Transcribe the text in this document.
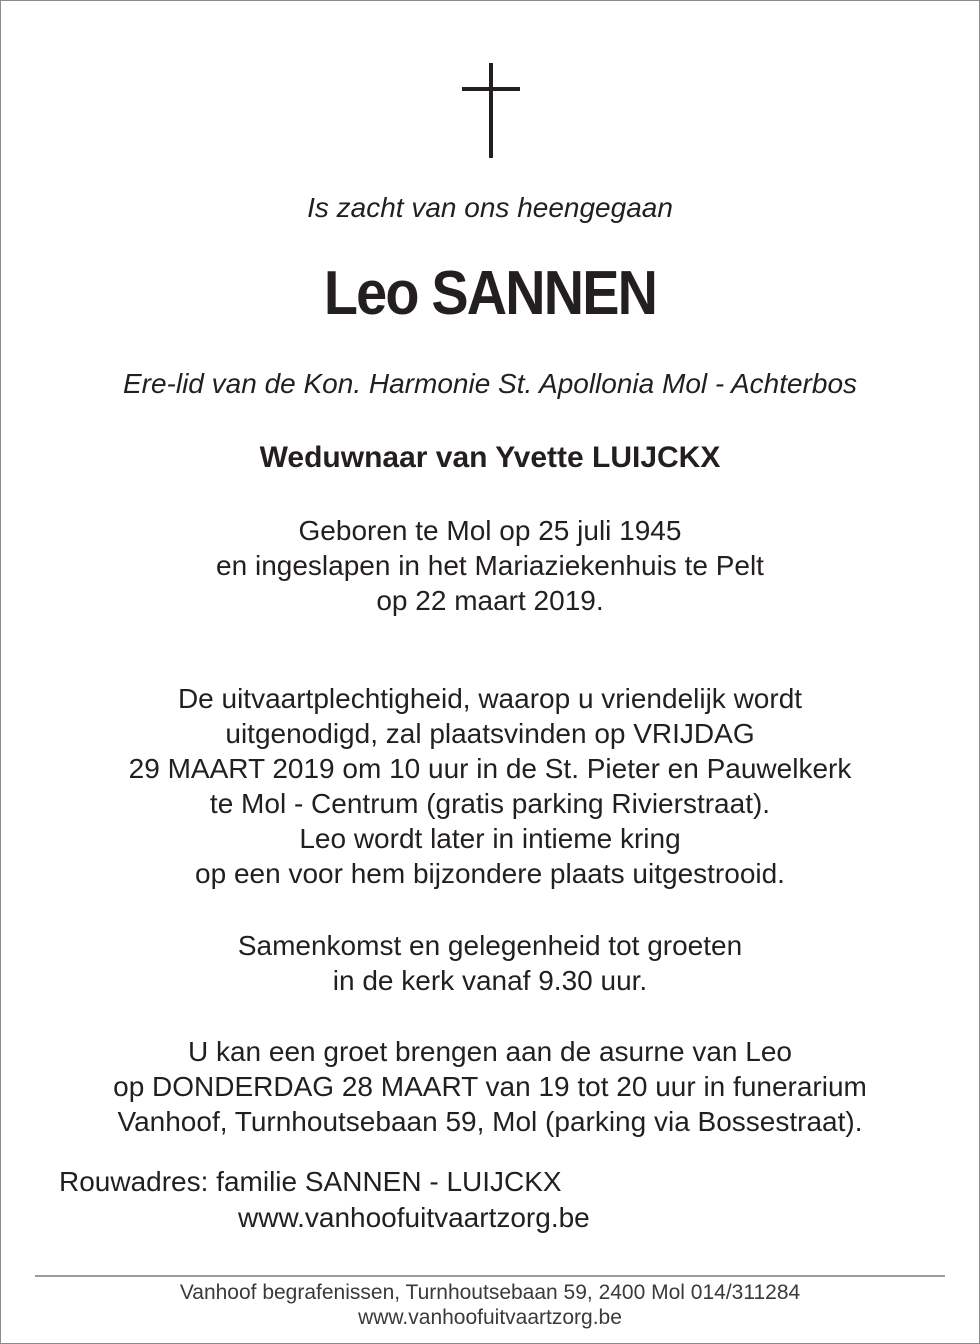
Is zacht van ons heengegaan
Leo SANNEN
Ere-lid van de Kon. Harmonie St. Apollonia Mol - Achterbos
Weduwnaar van Yvette LUIJCKX
Geboren te Mol op 25 juli 1945
en ingeslapen in het Mariaziekenhuis te Pelt
op 22 maart 2019.
De uitvaartplechtigheid, waarop u vriendelijk wordt
uitgenodigd, zal plaatsvinden op VRIJDAG
29 MAART 2019 om 10 uur in de St. Pieter en Pauwelkerk
te Mol - Centrum (gratis parking Rivierstraat).
Leo wordt later in intieme kring
op een voor hem bijzondere plaats uitgestrooid.
Samenkomst en gelegenheid tot groeten
in de kerk vanaf 9.30 uur.
U kan een groet brengen aan de asurne van Leo
op DONDERDAG 28 MAART van 19 tot 20 uur in funerarium
Vanhoof, Turnhoutsebaan 59, Mol (parking via Bossestraat).
Rouwadres: familie SANNEN - LUIJCKX
www.vanhoofuitvaartzorg.be
Vanhoof begrafenissen, Turnhoutsebaan 59, 2400 Mol 014/311284
www.vanhoofuitvaartzorg.be
